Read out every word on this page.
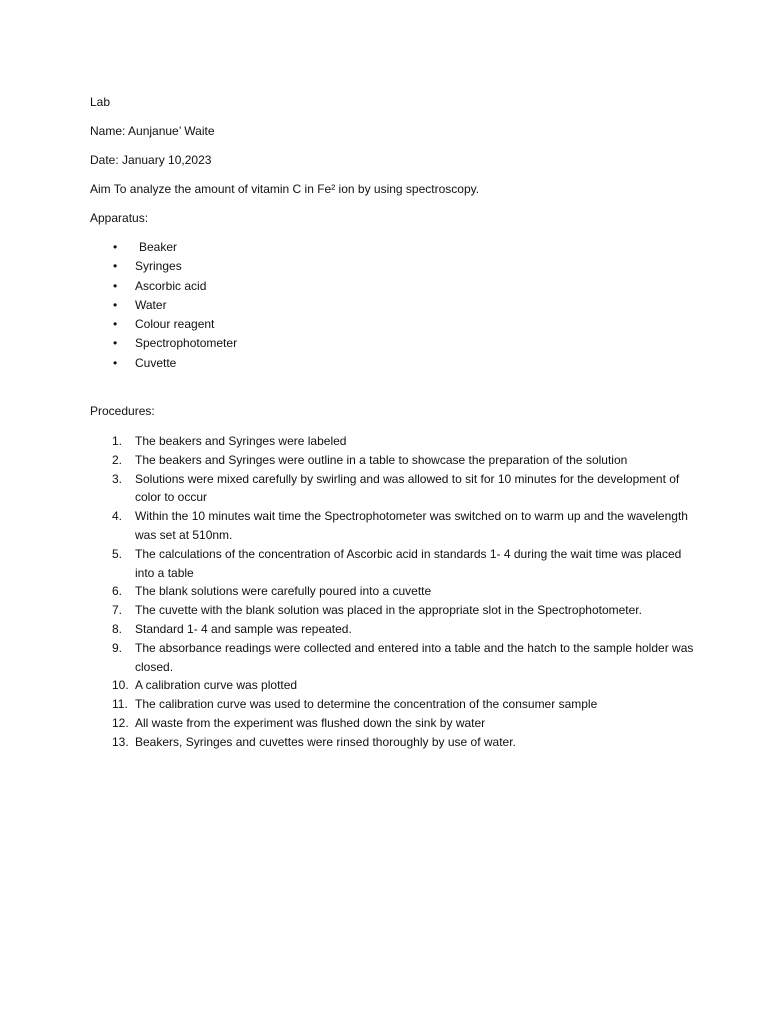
Lab

Name: Aunjanue’ Waite

Date: January 10,2023

Aim To analyze the amount of vitamin C in Fe² ion by using spectroscopy.

Apparatus:

• Beaker
• Syringes
• Ascorbic acid
• Water
• Colour reagent
• Spectrophotometer
• Cuvette

Procedures:

1. The beakers and Syringes were labeled
2. The beakers and Syringes were outline in a table to showcase the preparation of the solution
3. Solutions were mixed carefully by swirling and was allowed to sit for 10 minutes for the development of color to occur
4. Within the 10 minutes wait time the Spectrophotometer was switched on to warm up and the wavelength was set at 510nm.
5. The calculations of the concentration of Ascorbic acid in standards 1- 4 during the wait time was placed into a table
6. The blank solutions were carefully poured into a cuvette
7. The cuvette with the blank solution was placed in the appropriate slot in the Spectrophotometer.
8. Standard 1- 4 and sample was repeated.
9. The absorbance readings were collected and entered into a table and the hatch to the sample holder was closed.
10. A calibration curve was plotted
11. The calibration curve was used to determine the concentration of the consumer sample
12. All waste from the experiment was flushed down the sink by water
13. Beakers, Syringes and cuvettes were rinsed thoroughly by use of water.
